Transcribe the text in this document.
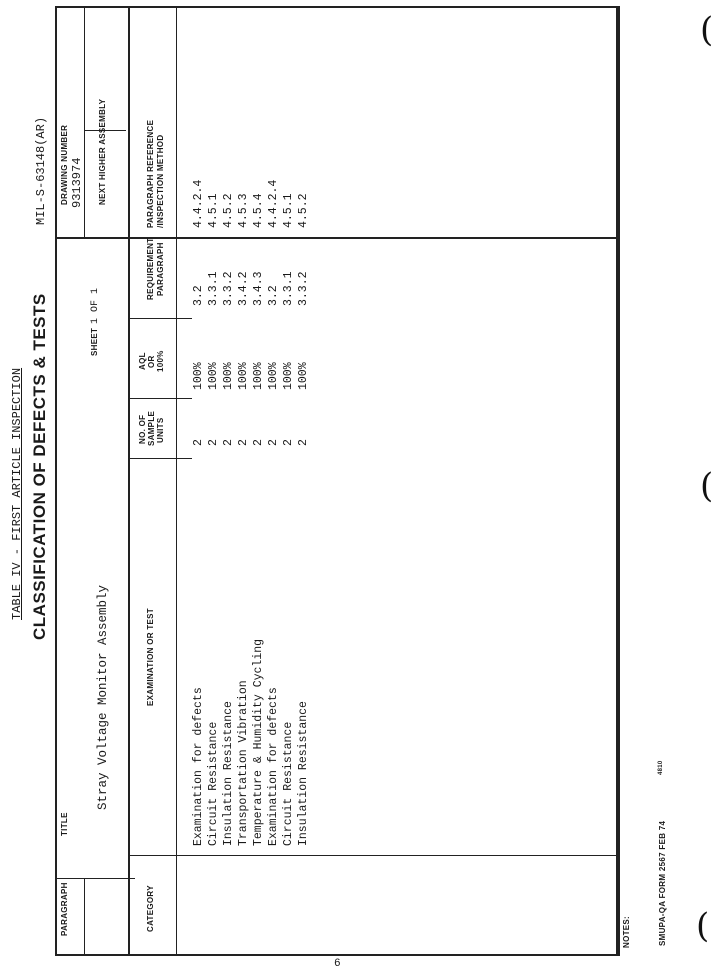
TABLE IV - FIRST ARTICLE INSPECTION CLASSIFICATION OF DEFECTS & TESTS
MIL-S-63148(AR)
PARAGRAPH
TITLE
Stray Voltage Monitor Assembly
SHEET
1 OF 1
DRAWING NUMBER 9313974 NEXT HIGHER ASSEMBLY
CATEGORY
EXAMINATION OR TEST
NO. OF SAMPLE UNITS
AQL OR 100%
REQUIREMENT PARAGRAPH
PARAGRAPH REFERENCE /INSPECTION METHOD
Examination for defects
2
100%
3.2
4.4.2.4
Circuit Resistance
2
100%
3.3.1
4.5.1
Insulation Resistance
2
100%
3.3.2
4.5.2
Transportation Vibration
2
100%
3.4.2
4.5.3
Temperature & Humidity Cycling
2
100%
3.4.3
4.5.4
Examination for defects
2
100%
3.2
4.4.2.4
Circuit Resistance
2
100%
3.3.1
4.5.1
Insulation Resistance
2
100%
3.3.2
4.5.2
NOTES:	SMUPA-QA FORM 2567 FEB 74
4810
(
(
(
6
